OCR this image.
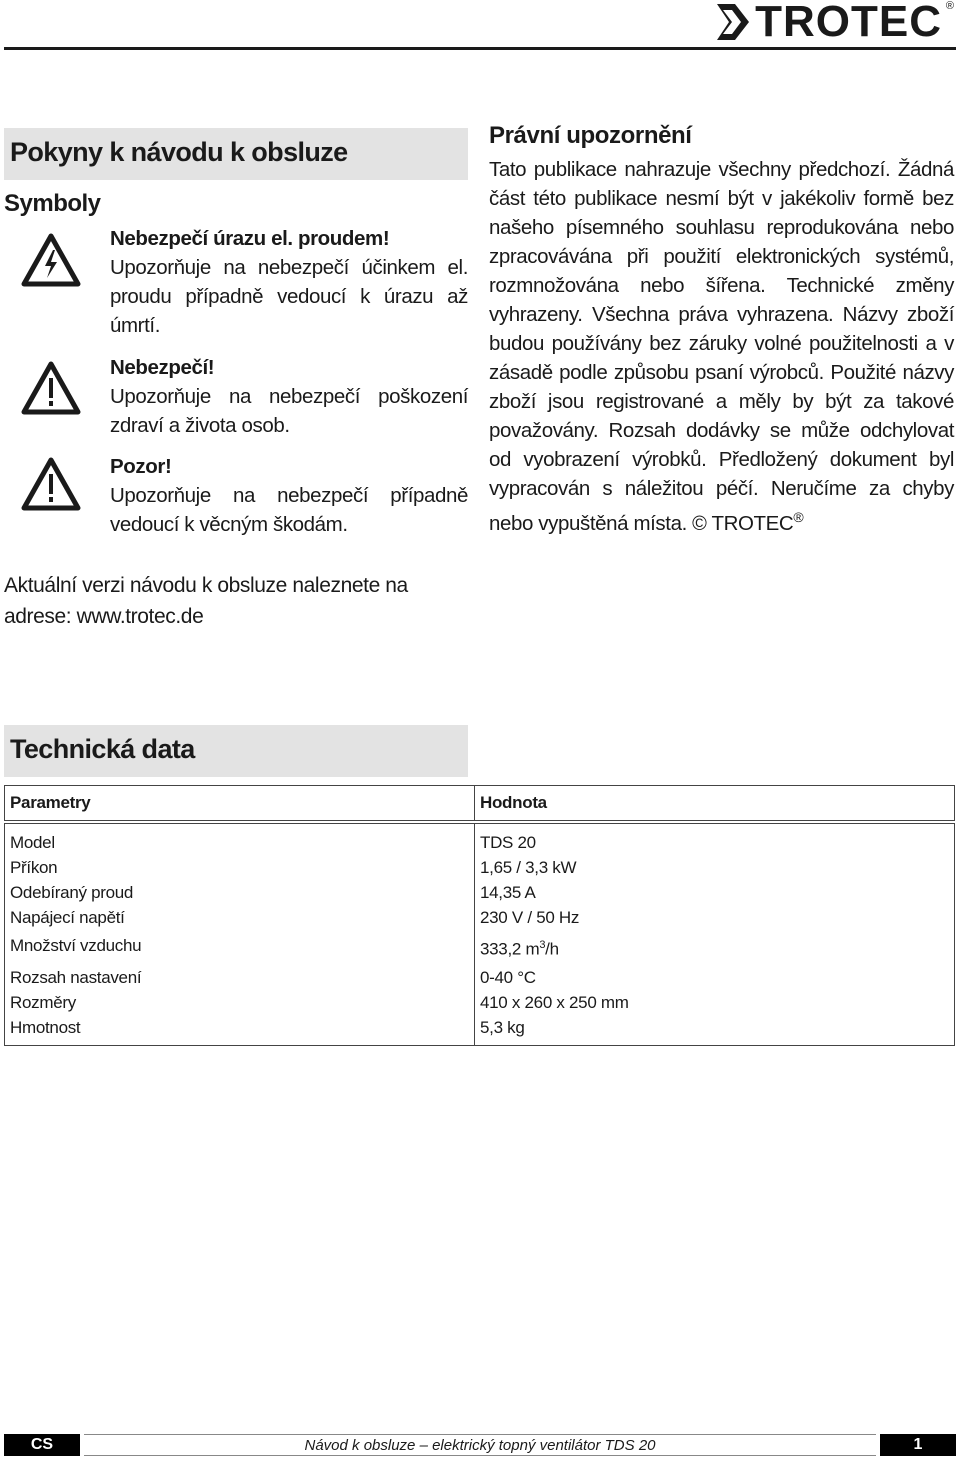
TROTEC ®
Pokyny k návodu k obsluze
Symboly
Nebezpečí úrazu el. proudem!
Upozorňuje na nebezpečí účinkem el. proudu případně vedoucí k úrazu až úmrtí.
Nebezpečí!
Upozorňuje na nebezpečí poškození zdraví a života osob.
Pozor!
Upozorňuje na nebezpečí případně vedoucí k věcným škodám.
Právní upozornění
Tato publikace nahrazuje všechny předchozí. Žádná část této publikace nesmí být v jakékoliv formě bez našeho písemného souhlasu reprodukována nebo zpracovávána při použití elektronických systémů, rozmnožována nebo šířena. Technické změny vyhrazeny. Všechna práva vyhrazena. Názvy zboží budou používány bez záruky volné použitelnosti a v zásadě podle způsobu psaní výrobců. Použité názvy zboží jsou registrované a měly by být za takové považovány. Rozsah dodávky se může odchylovat od vyobrazení výrobků. Předložený dokument byl vypracován s náležitou péčí. Neručíme za chyby nebo vypuštěná místa. © TROTEC®
Aktuální verzi návodu k obsluze naleznete na adrese: www.trotec.de
Technická data
Parametry	Hodnota

Model	TDS 20
Příkon	1,65 / 3,3 kW
Odebíraný proud	14,35 A
Napájecí napětí	230 V / 50 Hz
Množství vzduchu	333,2 $m^3/h$
Rozsah nastavení	0-40 °C
Rozměry	410 x 260 x 250 mm
Hmotnost	5,3 kg
CS	Návod k obsluze – elektrický topný ventilátor TDS 20	1
